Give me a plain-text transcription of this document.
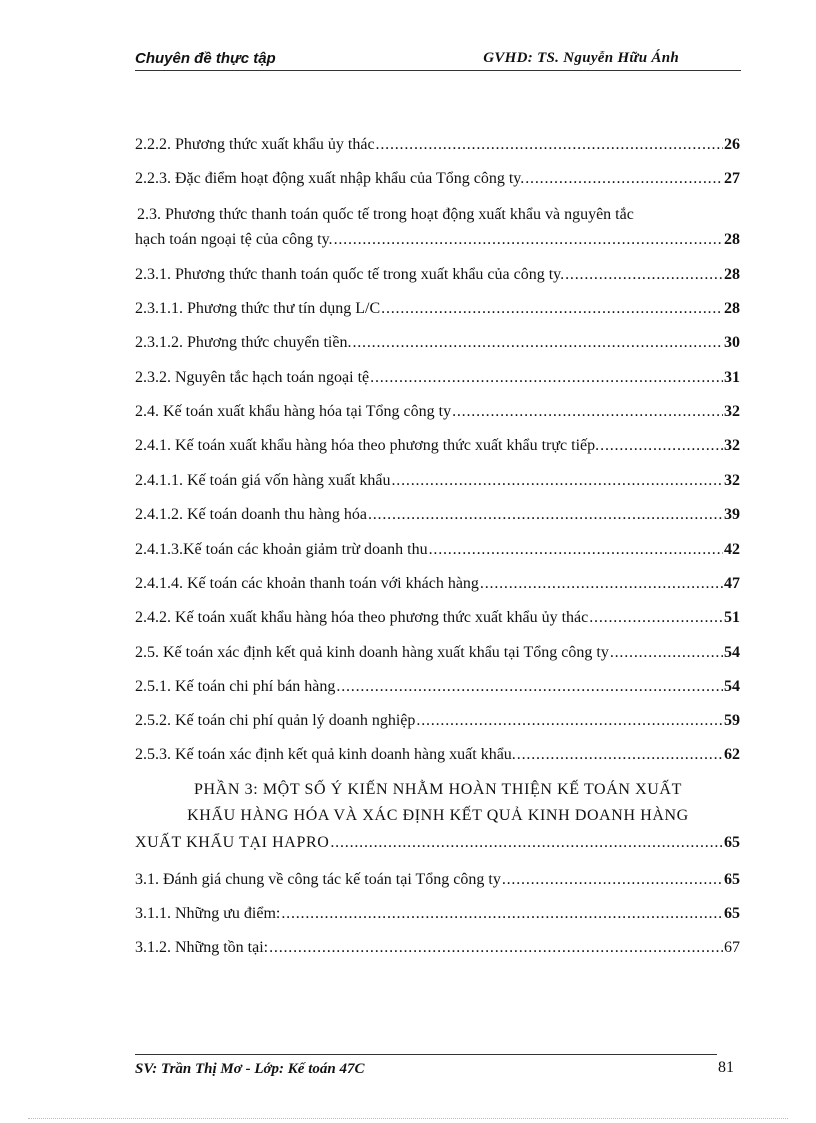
Chuyên đề thực tập	GVHD: TS. Nguyễn Hữu Ánh
2.2.2. Phương thức xuất khẩu ủy thác . . .	26
2.2.3. Đặc điểm hoạt động xuất nhập khẩu của Tổng công ty. . . .	27
2.3. Phương thức thanh toán quốc tế trong hoạt động xuất khẩu và nguyên tắc
hạch toán ngoại tệ của công ty. . . .	28
2.3.1. Phương thức thanh toán quốc tế trong xuất khẩu của công ty. . . .	28
2.3.1.1. Phương thức thư tín dụng L/C . . .	28
2.3.1.2. Phương thức chuyển tiền. . . .	30
2.3.2. Nguyên tắc hạch toán ngoại tệ . . .	31
2.4. Kế toán xuất khẩu hàng hóa tại Tổng công ty . . .	32
2.4.1. Kế toán xuất khẩu hàng hóa theo phương thức xuất khẩu trực tiếp. . . .	32
2.4.1.1. Kế toán giá vốn hàng xuất khẩu . . .	32
2.4.1.2. Kế toán doanh thu hàng hóa . . .	39
2.4.1.3.Kế toán các khoản giảm trừ doanh thu . . .	42
2.4.1.4. Kế toán các khoản thanh toán với khách hàng . . .	47
2.4.2. Kế toán xuất khẩu hàng hóa theo phương thức xuất khẩu ủy thác . . .	51
2.5. Kế toán xác định kết quả kinh doanh hàng xuất khẩu tại Tổng công ty . . .	54
2.5.1. Kế toán chi phí bán hàng . . .	54
2.5.2. Kế toán chi phí quản lý doanh nghiệp . . .	59
2.5.3. Kế toán xác định kết quả kinh doanh hàng xuất khẩu. . . .	62
PHẦN 3: MỘT SỐ Ý KIẾN NHẰM HOÀN THIỆN KẾ TOÁN XUẤT
KHẨU HÀNG HÓA VÀ XÁC ĐỊNH KẾT QUẢ KINH DOANH HÀNG
XUẤT KHẨU TẠI HAPRO . . .	65
3.1. Đánh giá chung về công tác kế toán tại Tổng công ty . . .	65
3.1.1. Những ưu điểm: . . .	65
3.1.2. Những tồn tại: . . .	67
SV: Trần Thị Mơ - Lớp: Kế toán 47C	81
